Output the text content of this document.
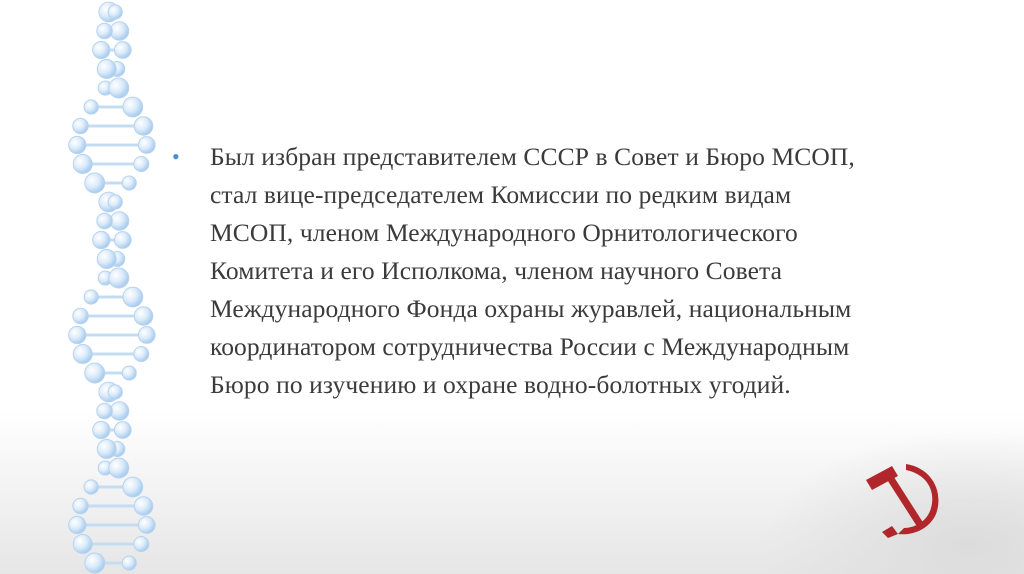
•	Был избран представителем СССР в Совет и Бюро МСОП,
стал вице-председателем Комиссии по редким видам
МСОП, членом Международного Орнитологического
Комитета и его Исполкома, членом научного Совета
Международного Фонда охраны журавлей, национальным
координатором сотрудничества России с Международным
Бюро по изучению и охране водно-болотных угодий.
